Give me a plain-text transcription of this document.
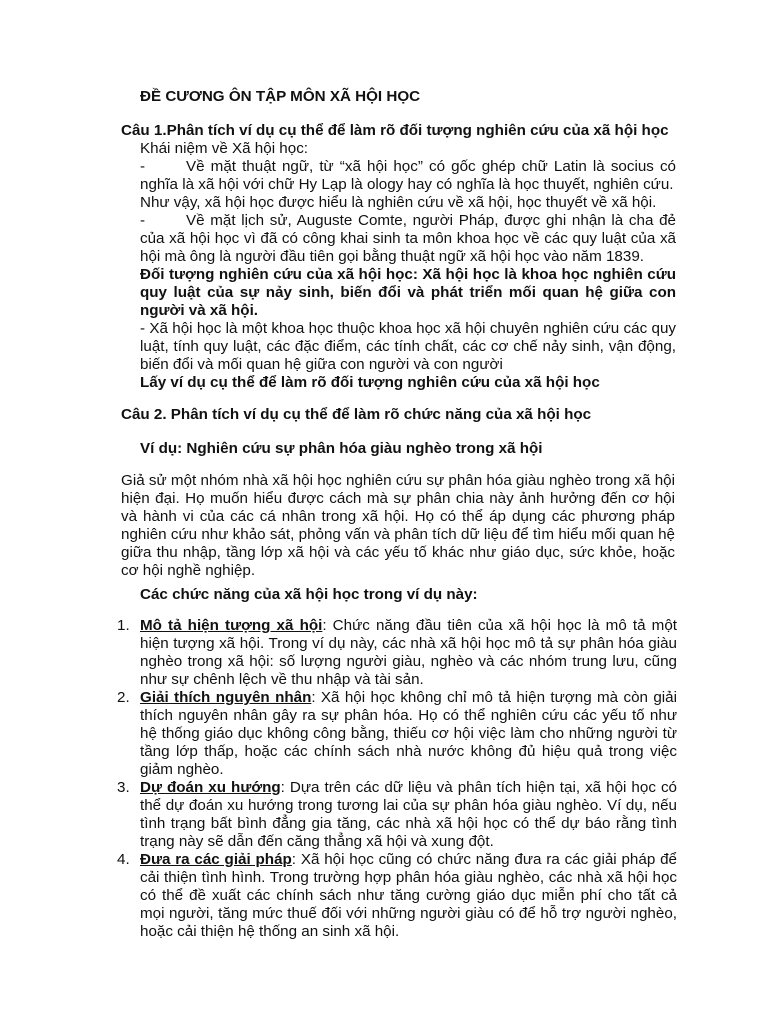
ĐỀ CƯƠNG ÔN TẬP MÔN XÃ HỘI HỌC
Câu 1.Phân tích ví dụ cụ thể để làm rõ đối tượng nghiên cứu của xã hội học
Khái niệm về Xã hội học:

-	Về mặt thuật ngữ, từ “xã hội học” có gốc ghép chữ Latin là socius có nghĩa là xã hội với chữ Hy Lạp là ology hay có nghĩa là học thuyết, nghiên cứu.

Như vậy, xã hội học được hiểu là nghiên cứu về xã hội, học thuyết về xã hội.

-	Về mặt lịch sử, Auguste Comte, người Pháp, được ghi nhận là cha đẻ của xã hội học vì đã có công khai sinh ta môn khoa học về các quy luật của xã hội mà ông là người đầu tiên gọi bằng thuật ngữ xã hội học vào năm 1839.

Đối tượng nghiên cứu của xã hội học: Xã hội học là khoa học nghiên cứu quy luật của sự nảy sinh, biến đổi và phát triển mối quan hệ giữa con người và xã hội.
- Xã hội học là một khoa học thuộc khoa học xã hội chuyên nghiên cứu các quy luật, tính quy luật, các đặc điểm, các tính chất, các cơ chế nảy sinh, vận động, biến đổi và mối quan hệ giữa con người và con người
Lấy ví dụ cụ thể để làm rõ đối tượng nghiên cứu của xã hội học
Câu 2. Phân tích ví dụ cụ thể để làm rõ chức năng của xã hội học
Ví dụ: Nghiên cứu sự phân hóa giàu nghèo trong xã hội
Giả sử một nhóm nhà xã hội học nghiên cứu sự phân hóa giàu nghèo trong xã hội hiện đại. Họ muốn hiểu được cách mà sự phân chia này ảnh hưởng đến cơ hội và hành vi của các cá nhân trong xã hội. Họ có thể áp dụng các phương pháp nghiên cứu như khảo sát, phỏng vấn và phân tích dữ liệu để tìm hiểu mối quan hệ giữa thu nhập, tầng lớp xã hội và các yếu tố khác như giáo dục, sức khỏe, hoặc cơ hội nghề nghiệp.
Các chức năng của xã hội học trong ví dụ này:
1. Mô tả hiện tượng xã hội: Chức năng đầu tiên của xã hội học là mô tả một hiện tượng xã hội. Trong ví dụ này, các nhà xã hội học mô tả sự phân hóa giàu nghèo trong xã hội: số lượng người giàu, nghèo và các nhóm trung lưu, cũng như sự chênh lệch về thu nhập và tài sản.
2. Giải thích nguyên nhân: Xã hội học không chỉ mô tả hiện tượng mà còn giải thích nguyên nhân gây ra sự phân hóa. Họ có thể nghiên cứu các yếu tố như hệ thống giáo dục không công bằng, thiếu cơ hội việc làm cho những người từ tầng lớp thấp, hoặc các chính sách nhà nước không đủ hiệu quả trong việc giảm nghèo.
3. Dự đoán xu hướng: Dựa trên các dữ liệu và phân tích hiện tại, xã hội học có thể dự đoán xu hướng trong tương lai của sự phân hóa giàu nghèo. Ví dụ, nếu tình trạng bất bình đẳng gia tăng, các nhà xã hội học có thể dự báo rằng tình trạng này sẽ dẫn đến căng thẳng xã hội và xung đột.
4. Đưa ra các giải pháp: Xã hội học cũng có chức năng đưa ra các giải pháp để cải thiện tình hình. Trong trường hợp phân hóa giàu nghèo, các nhà xã hội học có thể đề xuất các chính sách như tăng cường giáo dục miễn phí cho tất cả mọi người, tăng mức thuế đối với những người giàu có để hỗ trợ người nghèo, hoặc cải thiện hệ thống an sinh xã hội.
